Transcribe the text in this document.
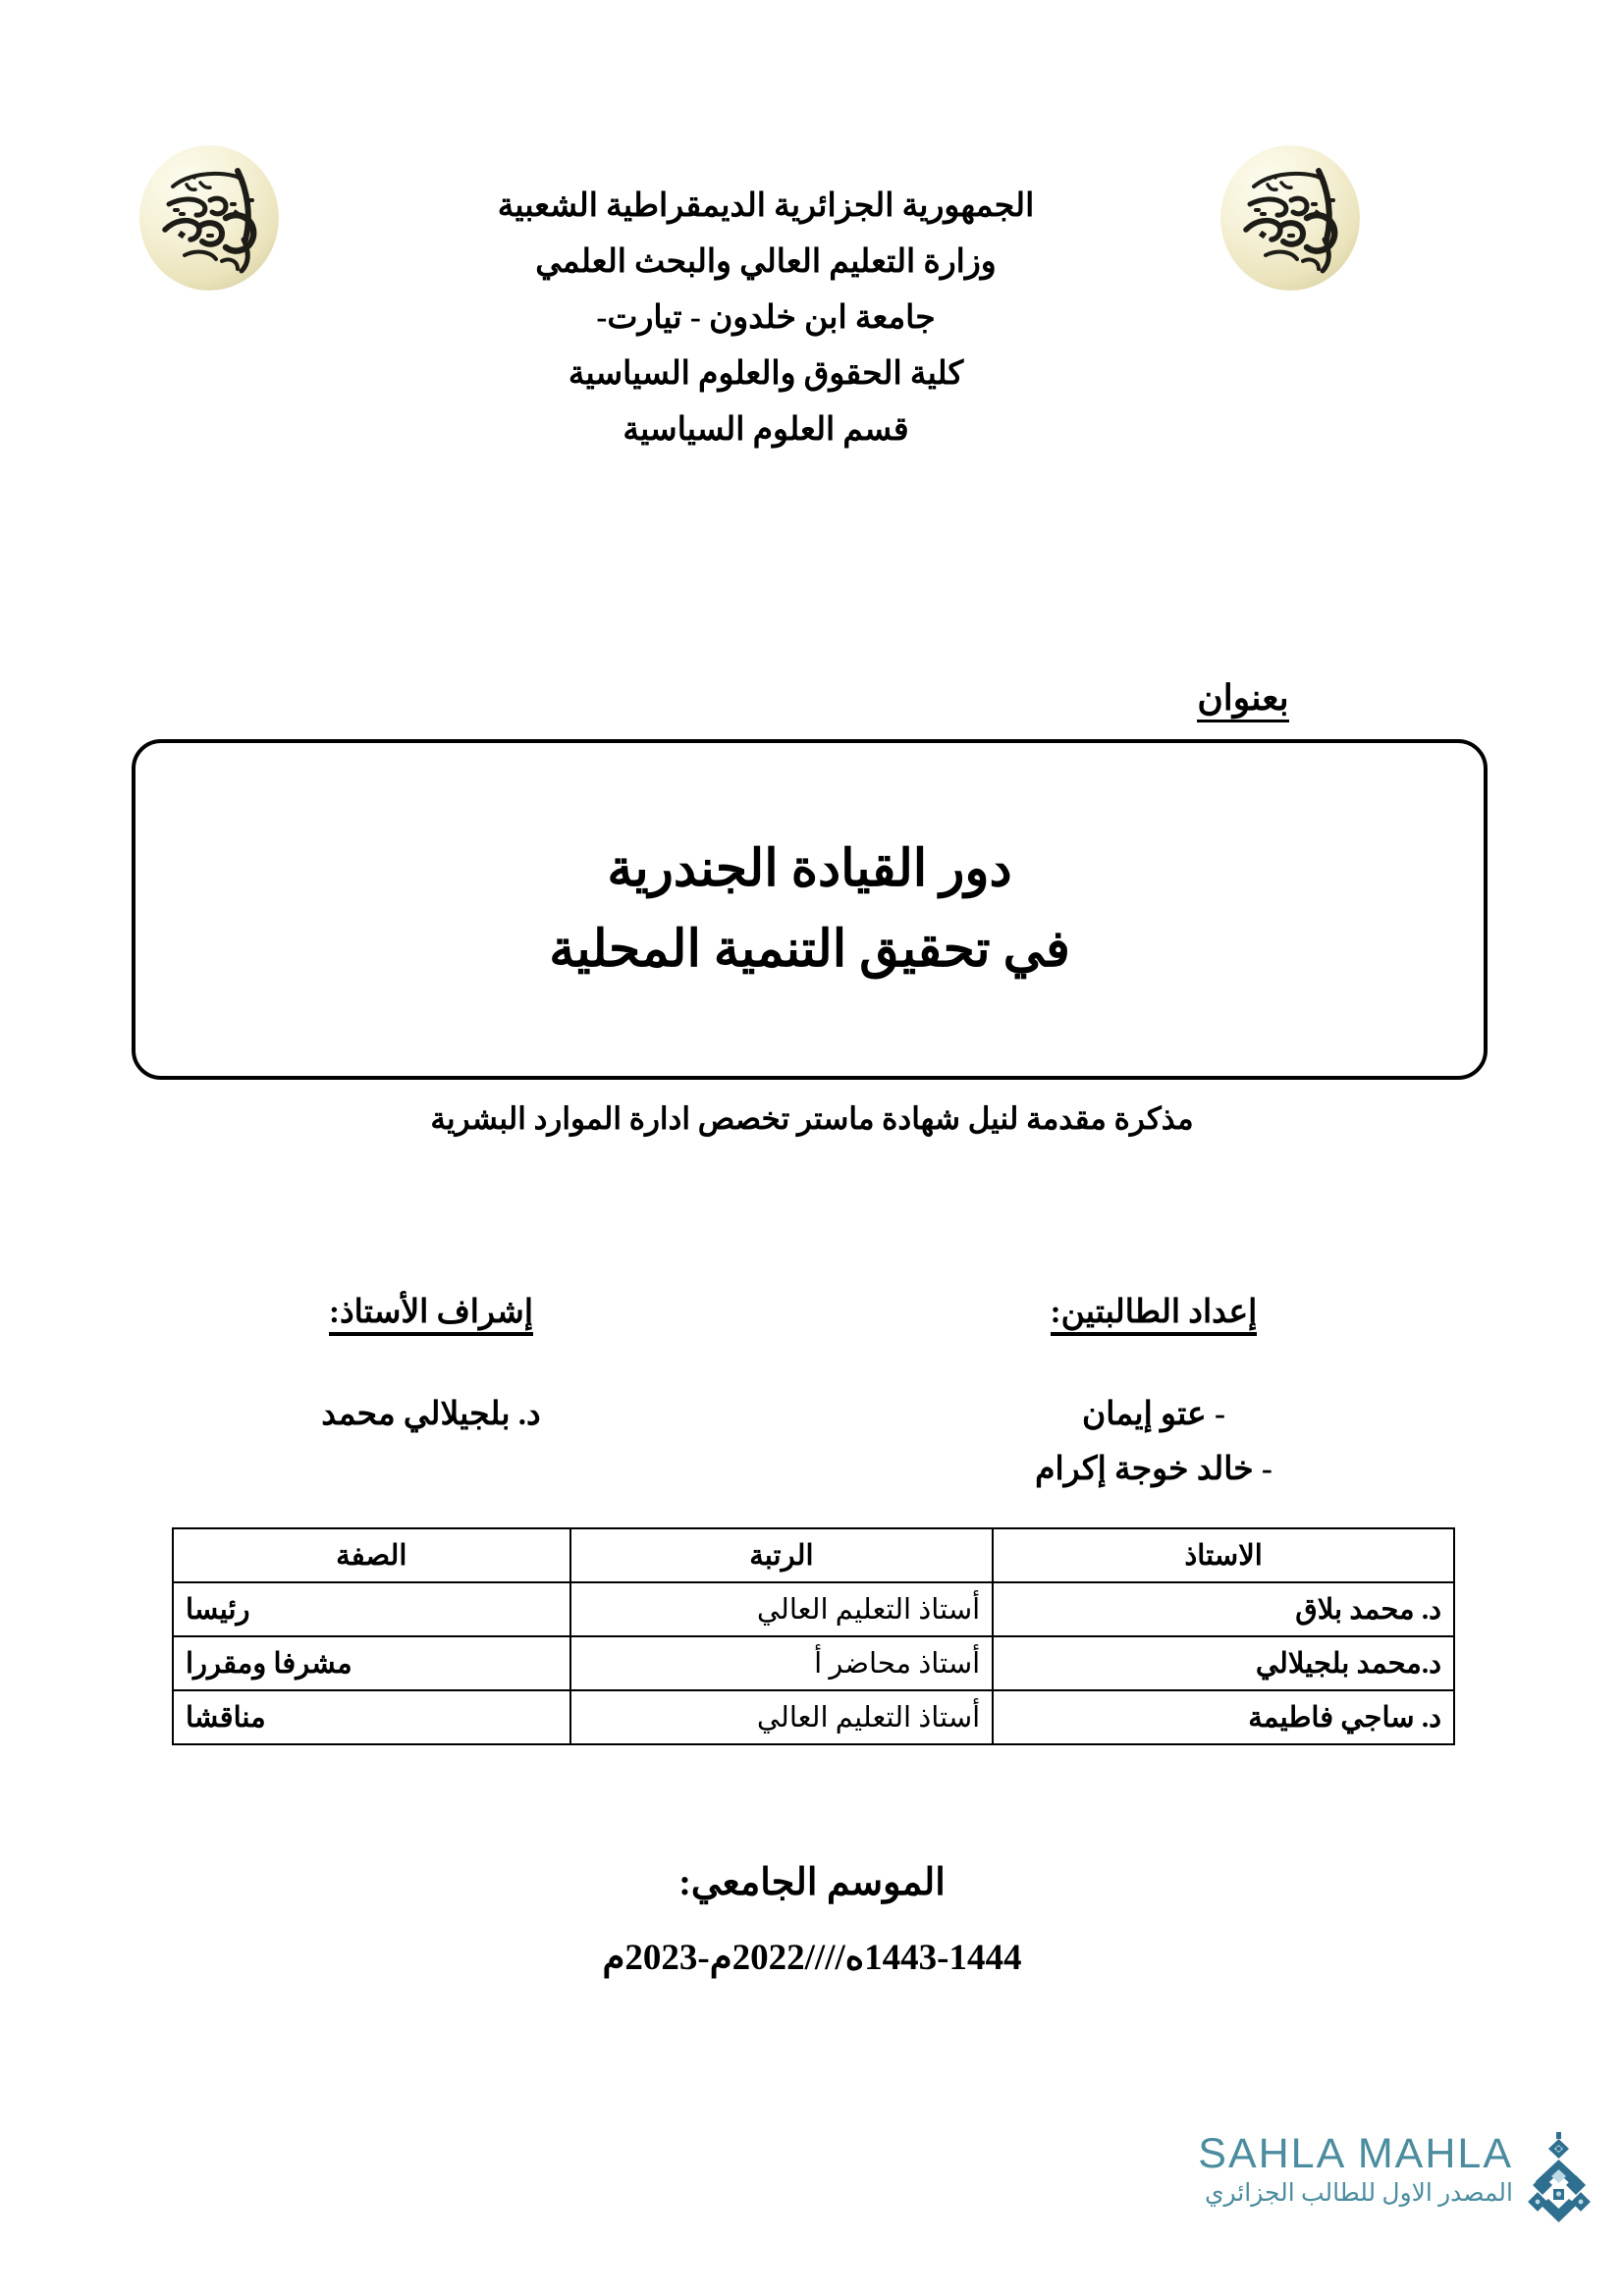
الجمهورية الجزائرية الديمقراطية الشعبية
وزارة التعليم العالي والبحث العلمي
جامعة ابن خلدون - تيارت-
كلية الحقوق والعلوم السياسية
قسم العلوم السياسية
بعنوان
دور القيادة الجندرية
في تحقيق التنمية المحلية
مذكرة مقدمة لنيل شهادة ماستر تخصص ادارة الموارد البشرية
إعداد الطالبتين:
- عتو إيمان
- خالد خوجة إكرام
إشراف الأستاذ:
د. بلجيلالي محمد
الاستاذ	الرتبة	الصفة
د. محمد بلاق	أستاذ التعليم العالي	رئيسا
د.محمد بلجيلالي	أستاذ محاضر أ	مشرفا ومقررا
د. ساجي فاطيمة	أستاذ التعليم العالي	مناقشا
الموسم الجامعي:
1443-1444ه////2022م-2023م
SAHLA MAHLA
المصدر الاول للطالب الجزائري
